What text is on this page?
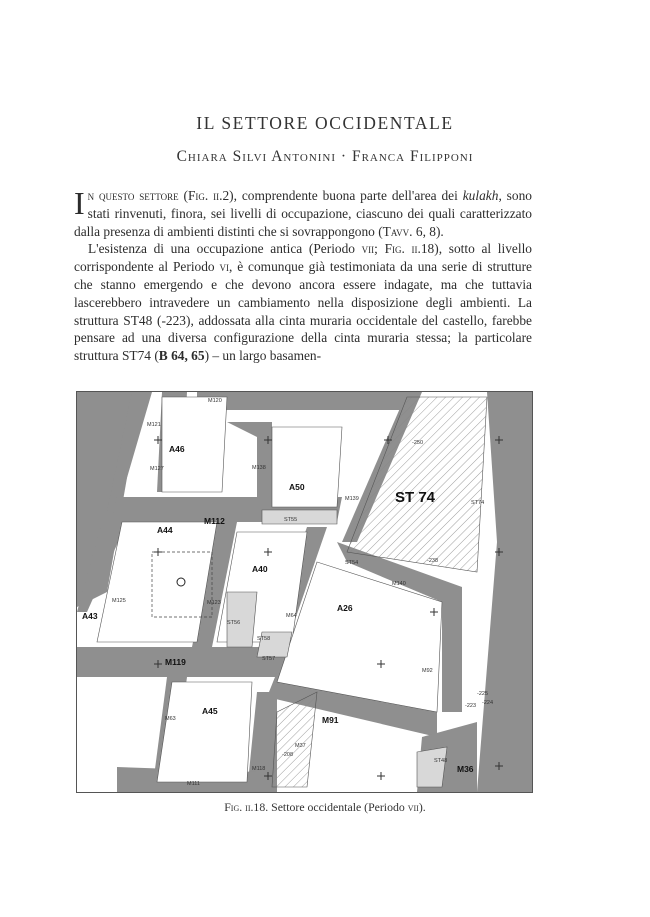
IL SETTORE OCCIDENTALE
Chiara Silvi Antonini · Franca Filipponi

In questo settore (Fig. ii.2), comprendente buona parte dell'area dei kulakh, sono stati rinvenuti, finora, sei livelli di occupazione, ciascuno dei quali caratterizzato dalla presenza di ambienti distinti che si sovrappongono (Tavv. 6, 8).

L'esistenza di una occupazione antica (Periodo vii; Fig. ii.18), sotto al livello corrispondente al Periodo vi, è comunque già testimoniata da una serie di strutture che stanno emergendo e che devono ancora essere indagate, ma che tuttavia lascerebbero intravedere un cambiamento nella disposizione degli ambienti. La struttura ST48 (-223), addossata alla cinta muraria occidentale del castello, farebbe pensare ad una diversa configurazione della cinta muraria stessa; la particolare struttura ST74 (B 64, 65) – un largo basamen-

A46
A50
A44
A40
A43
A26
A45
ST 74
ST55
ST56
ST58
ST57
ST48
ST54
ST74
M120
M121
M127	M138
M139
M112
M140
M125	M123
M64
M92
M119
M63	M91
M37
M118
M111
M36
-250
-238
-225
-223
-208
-224
Fig. ii.18. Settore occidentale (Periodo vii).
